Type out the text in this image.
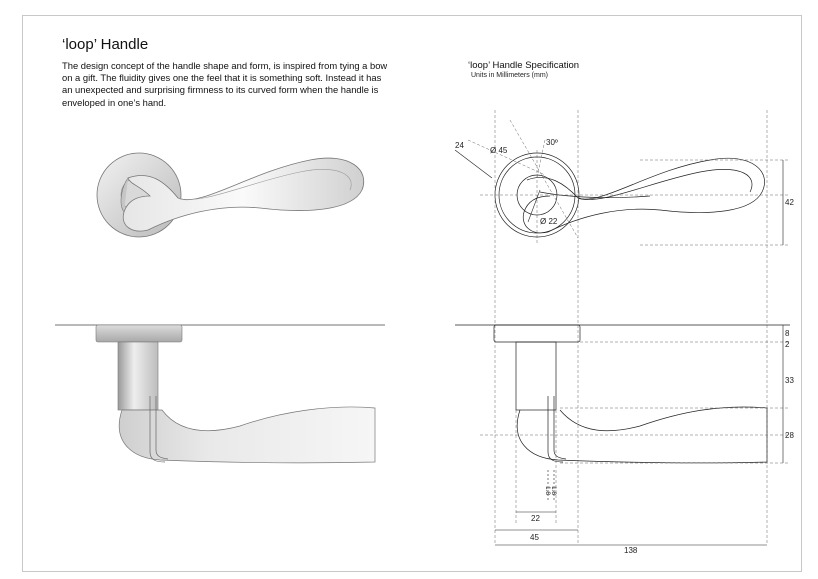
‘loop’ Handle
The design concept of the handle shape and form, is inspired from tying a bow on a gift. The fluidity gives one the feel that it is something soft. Instead it has an unexpected and surprising firmness to its curved form when the handle is enveloped in one’s hand.
‘loop’ Handle Specification
Units in Millimeters (mm)
24	30º
Ø 45
Ø 22
42
8
2
33
28
1.8 1.8
22
45
138
